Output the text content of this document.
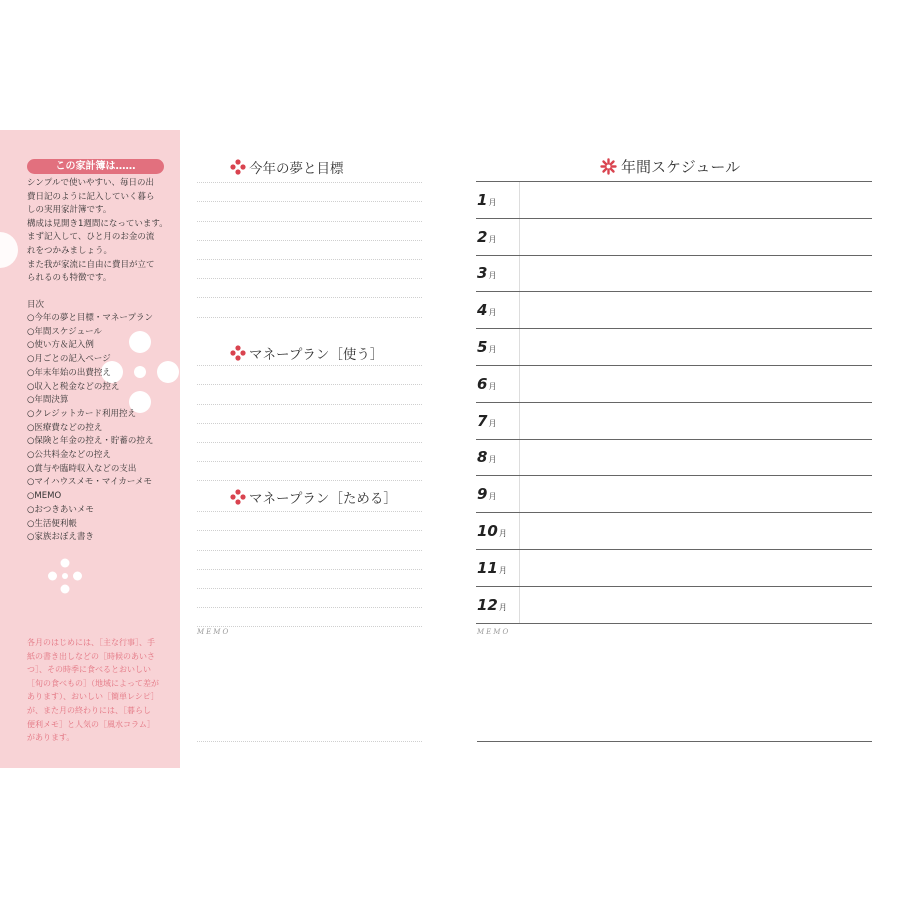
この家計簿は……

シンプルで使いやすい、毎日の出

費日記のように記入していく暮ら

しの実用家計簿です。

構成は見開き1週間になっています。

まず記入して、ひと月のお金の流

れをつかみましょう。

また我が家流に自由に費目が立て

られるのも特徴です。

目次
○ 今年の夢と目標・マネープラン
○ 年間スケジュール
○ 使い方＆記入例
○ 月ごとの記入ページ
○ 年末年始の出費控え
○ 収入と税金などの控え
○ 年間決算
○ クレジットカード利用控え
○ 医療費などの控え
○ 保険と年金の控え・貯蓄の控え
○ 公共料金などの控え
○ 賞与や臨時収入などの支出
○ マイハウスメモ・マイカーメモ
○ MEMO
○ おつきあいメモ
○ 生活便利帳
○ 家族おぼえ書き
各月のはじめには、［主な行事］、手
紙の書き出しなどの［時候のあいさ
つ］、その時季に食べるとおいしい
［旬の食べもの］（地域によって差が
あります）、おいしい［簡単レシピ］
が、また月の終わりには、［暮らし
便利メモ］と人気の［風水コラム］
があります。
今年の夢と目標
マネープラン［使う］
マネープラン［ためる］
MEMO
年間スケジュール
1 月
2 月
3 月
4 月
5 月
6 月
7 月
8 月
9 月
10 月
11 月
12 月
MEMO
